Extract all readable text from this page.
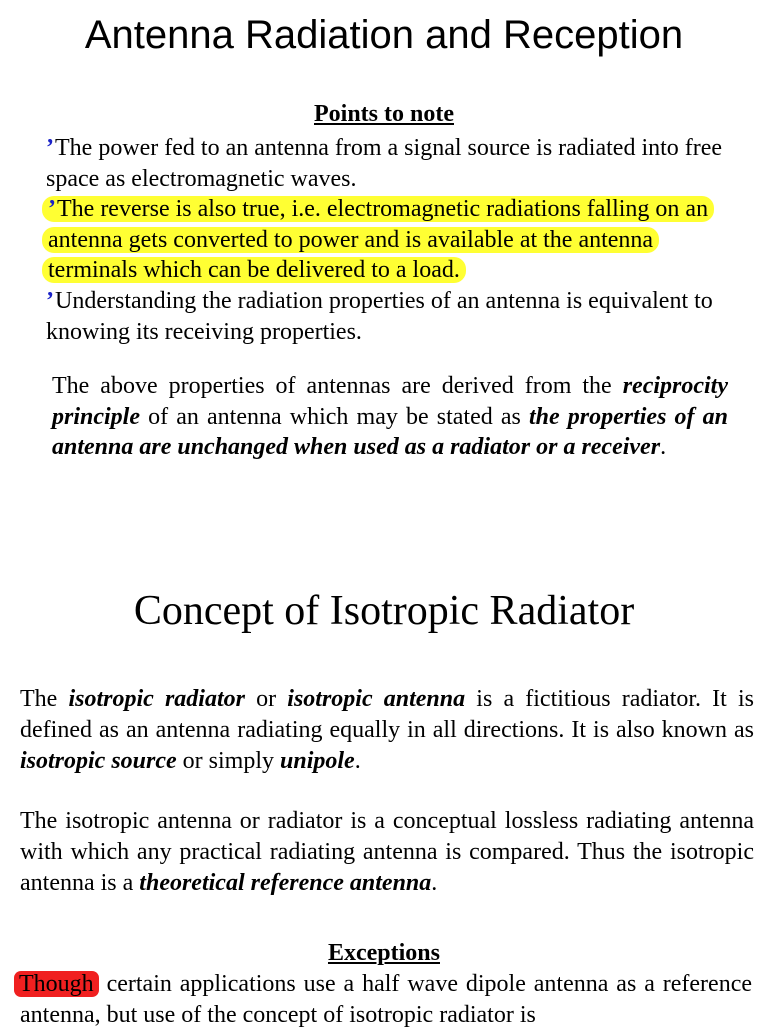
Antenna Radiation and Reception
Points to note
’The power fed to an antenna from a signal source is radiated into free space as electromagnetic waves.
’The reverse is also true, i.e. electromagnetic radiations falling on an antenna gets converted to power and is available at the antenna terminals which can be delivered to a load.
’Understanding the radiation properties of an antenna is equivalent to knowing its receiving properties.
The above properties of antennas are derived from the reciprocity principle of an antenna which may be stated as the properties of an antenna are unchanged when used as a radiator or a receiver.
Concept of Isotropic Radiator
The isotropic radiator or isotropic antenna is a fictitious radiator. It is defined as an antenna radiating equally in all directions. It is also known as isotropic source or simply unipole.
The isotropic antenna or radiator is a conceptual lossless radiating antenna with which any practical radiating antenna is compared. Thus the isotropic antenna is a theoretical reference antenna.
Exceptions
Though certain applications use a half wave dipole antenna as a reference antenna, but use of the concept of isotropic radiator is
